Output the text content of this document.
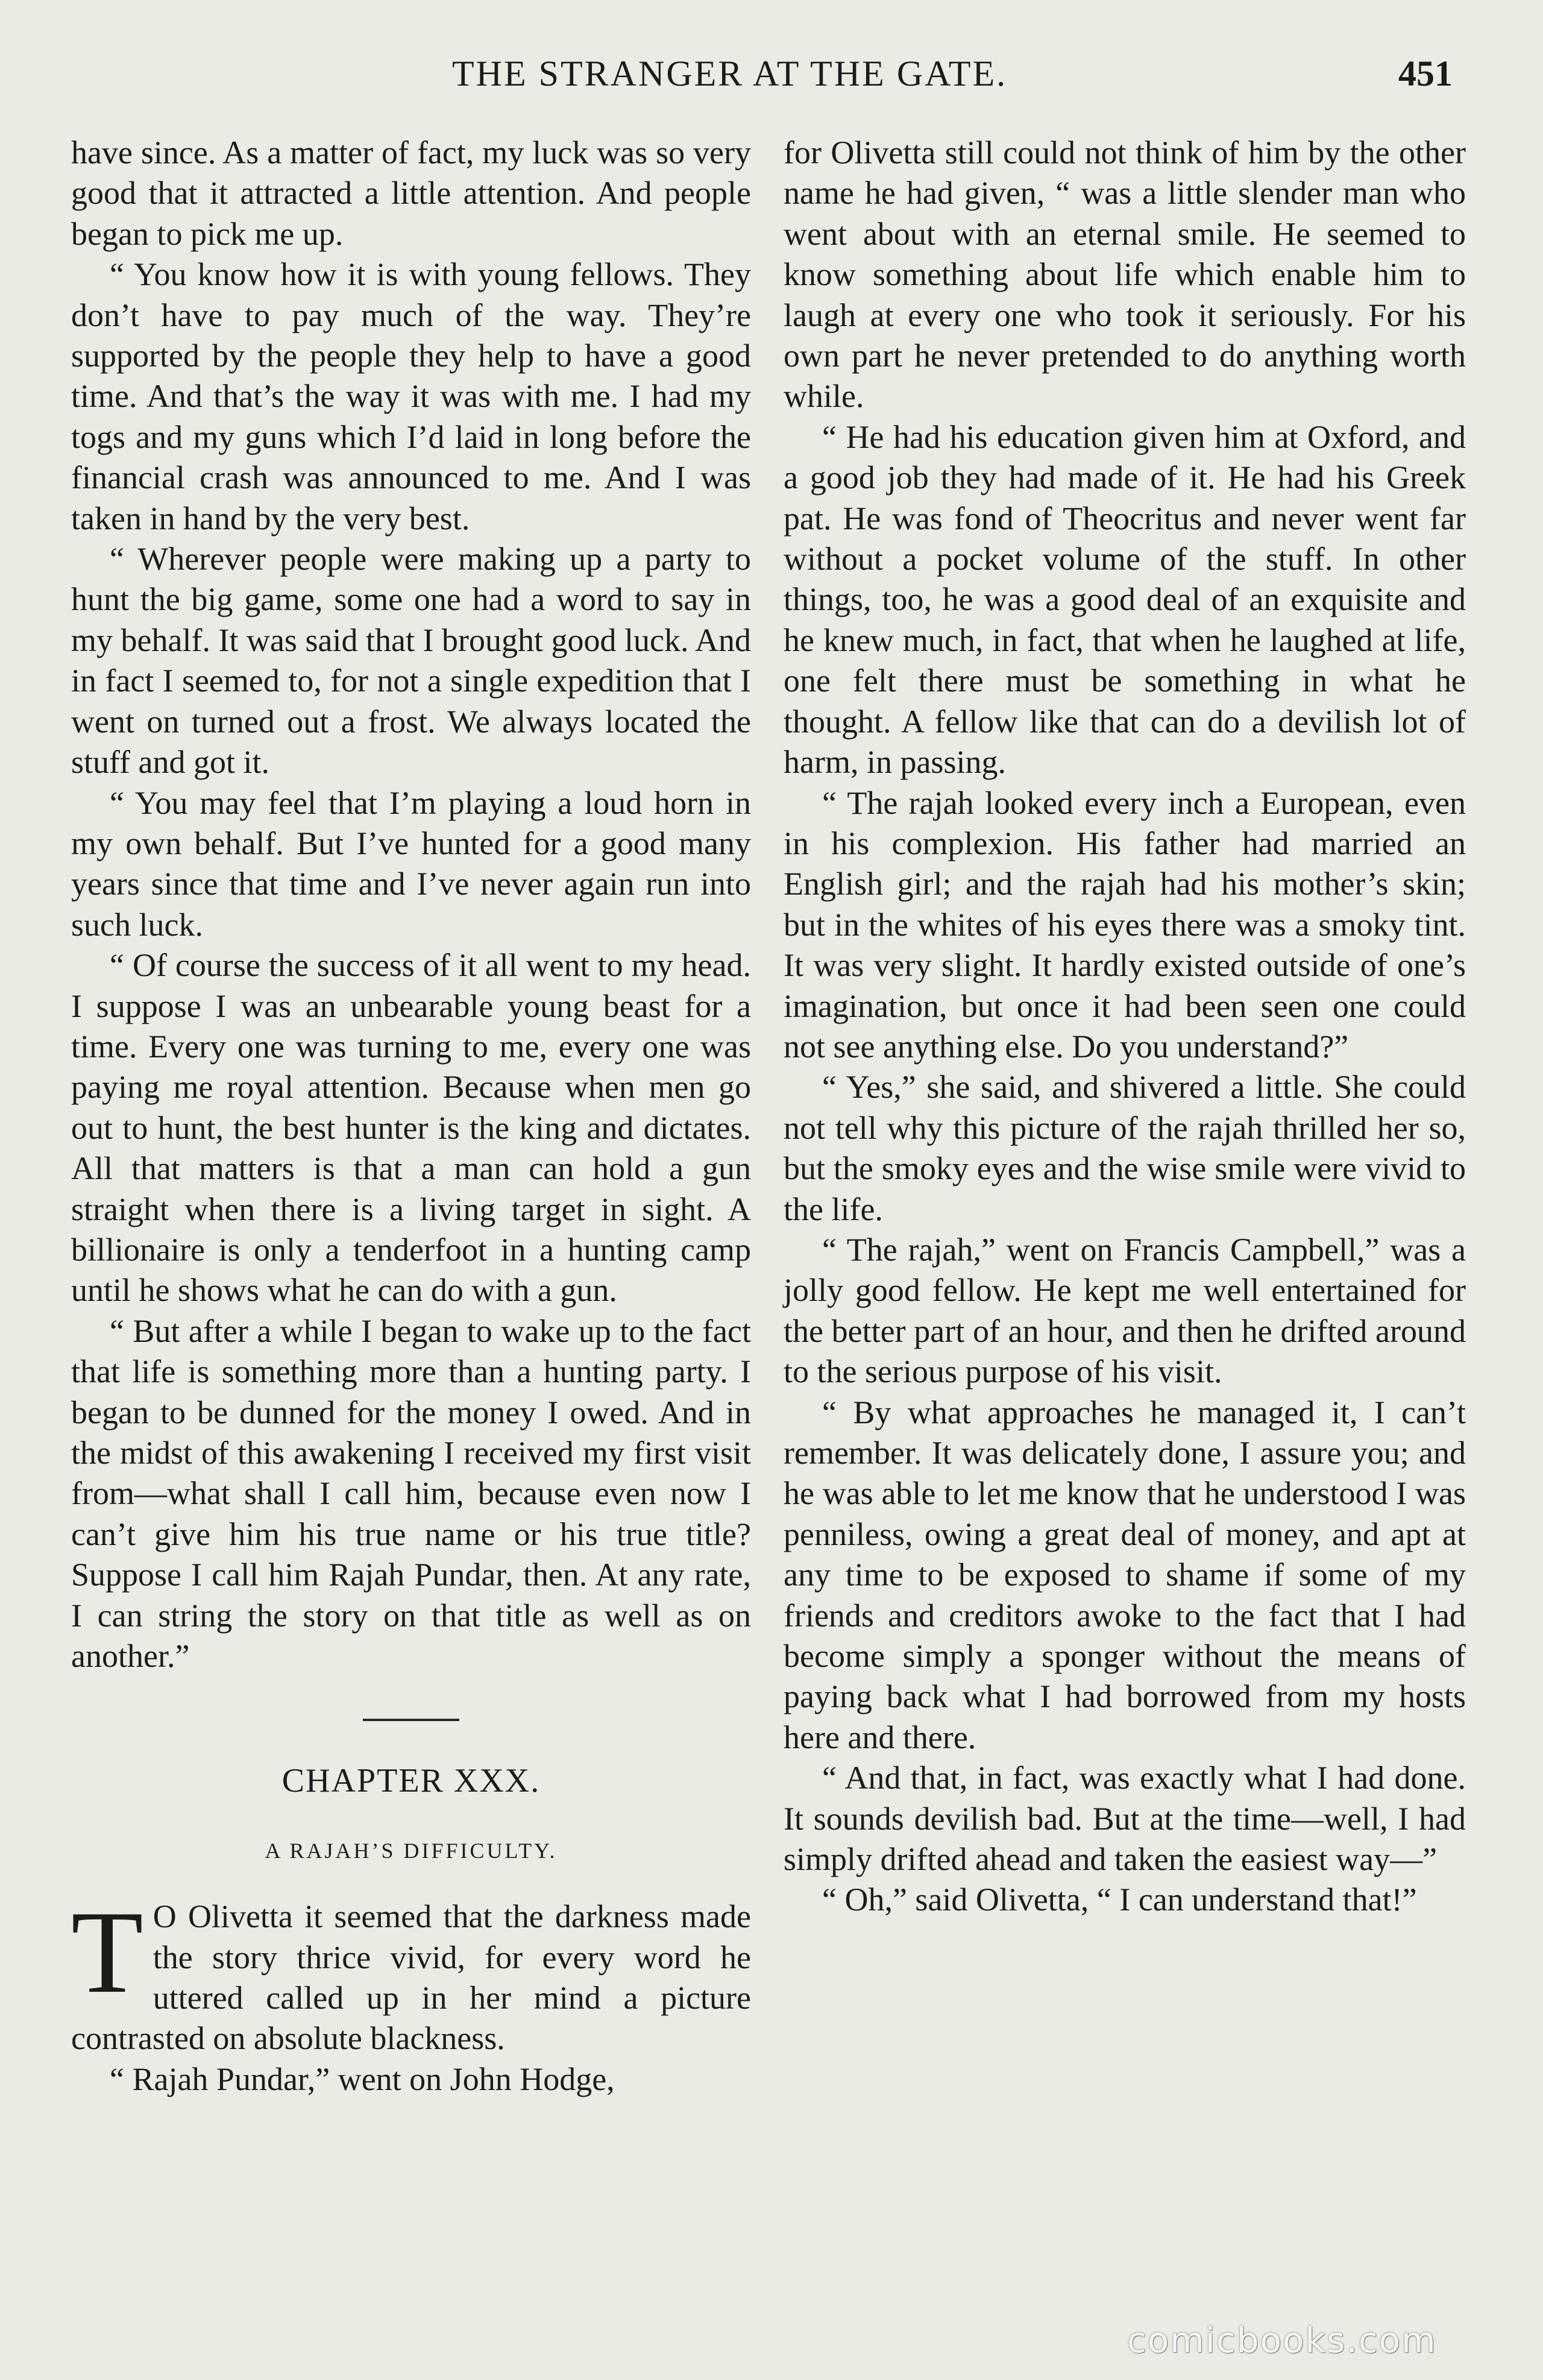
THE STRANGER AT THE GATE.	451

have since. As a matter of fact, my luck was so very good that it attracted a little attention. And people began to pick me up.

“ You know how it is with young fellows. They don’t have to pay much of the way. They’re supported by the people they help to have a good time. And that’s the way it was with me. I had my togs and my guns which I’d laid in long before the financial crash was announced to me. And I was taken in hand by the very best.

“ Wherever people were making up a party to hunt the big game, some one had a word to say in my behalf. It was said that I brought good luck. And in fact I seemed to, for not a single expedition that I went on turned out a frost. We always located the stuff and got it.

“ You may feel that I’m playing a loud horn in my own behalf. But I’ve hunted for a good many years since that time and I’ve never again run into such luck.

“ Of course the success of it all went to my head. I suppose I was an unbearable young beast for a time. Every one was turning to me, every one was paying me royal attention. Because when men go out to hunt, the best hunter is the king and dictates. All that matters is that a man can hold a gun straight when there is a living target in sight. A billionaire is only a tenderfoot in a hunting camp until he shows what he can do with a gun.

“ But after a while I began to wake up to the fact that life is something more than a hunting party. I began to be dunned for the money I owed. And in the midst of this awakening I received my first visit from—what shall I call him, because even now I can’t give him his true name or his true title? Suppose I call him Rajah Pundar, then. At any rate, I can string the story on that title as well as on another.”

CHAPTER XXX.
A RAJAH’S DIFFICULTY.

T O Olivetta it seemed that the darkness made the story thrice vivid, for every word he uttered called up in her mind a picture contrasted on absolute blackness.

“ Rajah Pundar,” went on John Hodge,

for Olivetta still could not think of him by the other name he had given, “ was a little slender man who went about with an eternal smile. He seemed to know something about life which enable him to laugh at every one who took it seriously. For his own part he never pretended to do anything worth while.

“ He had his education given him at Oxford, and a good job they had made of it. He had his Greek pat. He was fond of Theocritus and never went far without a pocket volume of the stuff. In other things, too, he was a good deal of an exquisite and he knew much, in fact, that when he laughed at life, one felt there must be something in what he thought. A fellow like that can do a devilish lot of harm, in passing.

“ The rajah looked every inch a European, even in his complexion. His father had married an English girl; and the rajah had his mother’s skin; but in the whites of his eyes there was a smoky tint. It was very slight. It hardly existed outside of one’s imagination, but once it had been seen one could not see anything else. Do you understand?”

“ Yes,” she said, and shivered a little. She could not tell why this picture of the rajah thrilled her so, but the smoky eyes and the wise smile were vivid to the life.

“ The rajah,” went on Francis Campbell,” was a jolly good fellow. He kept me well entertained for the better part of an hour, and then he drifted around to the serious purpose of his visit.

“ By what approaches he managed it, I can’t remember. It was delicately done, I assure you; and he was able to let me know that he understood I was penniless, owing a great deal of money, and apt at any time to be exposed to shame if some of my friends and creditors awoke to the fact that I had become simply a sponger without the means of paying back what I had borrowed from my hosts here and there.

“ And that, in fact, was exactly what I had done. It sounds devilish bad. But at the time—well, I had simply drifted ahead and taken the easiest way—”

“ Oh,” said Olivetta, “ I can understand that!”

comicbooks.com
